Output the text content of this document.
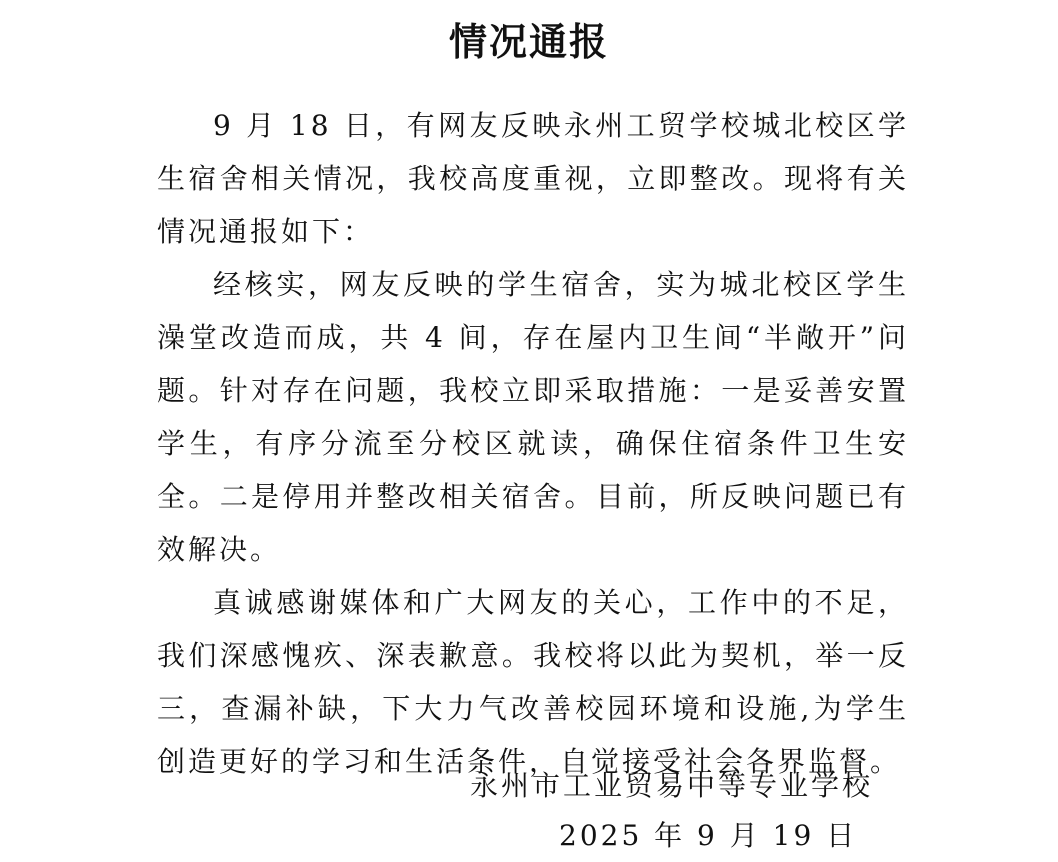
情况通报

9 月 18 日，有网友反映永州工贸学校城北校区学生宿舍相关情况，我校高度重视，立即整改。现将有关情况通报如下：

经核实，网友反映的学生宿舍，实为城北校区学生澡堂改造而成，共 4 间，存在屋内卫生间“半敞开”问题。针对存在问题，我校立即采取措施：一是妥善安置学生，有序分流至分校区就读，确保住宿条件卫生安全。二是停用并整改相关宿舍。目前，所反映问题已有效解决。

真诚感谢媒体和广大网友的关心，工作中的不足，我们深感愧疚、深表歉意。我校将以此为契机，举一反三，查漏补缺，下大力气改善校园环境和设施,为学生创造更好的学习和生活条件，自觉接受社会各界监督。

永州市工业贸易中等专业学校
2025 年 9 月 19 日
